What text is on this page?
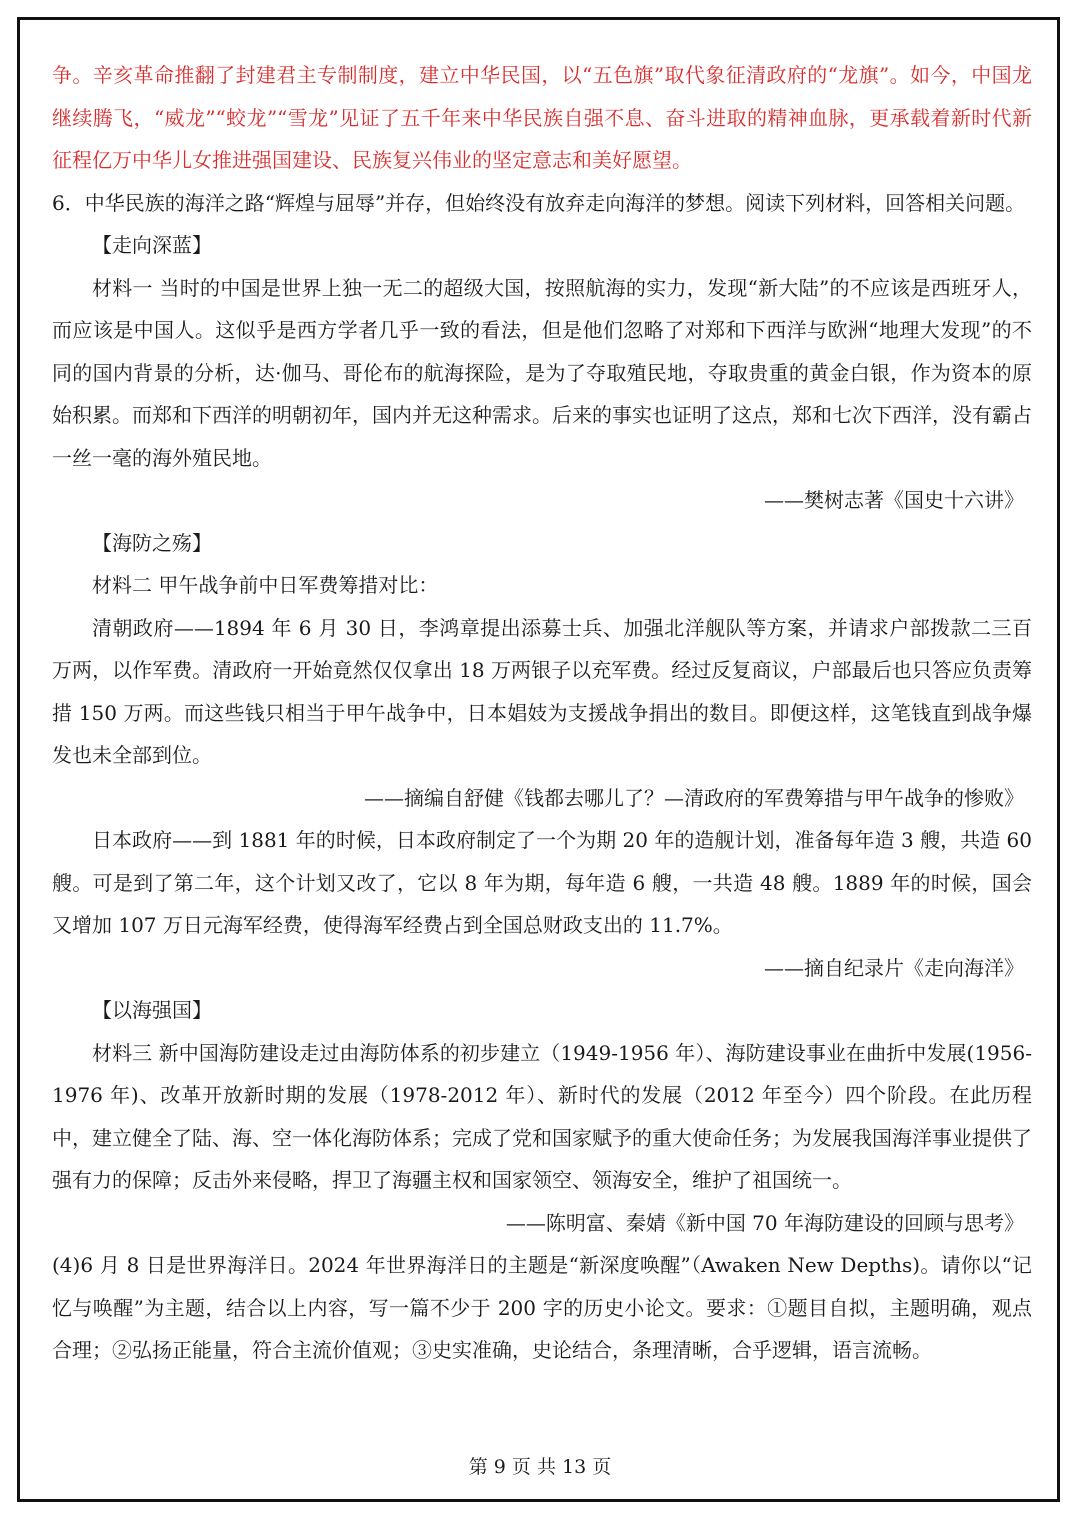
争。辛亥革命推翻了封建君主专制制度，建立中华民国，以“五色旗”取代象征清政府的“龙旗”。如今，中国龙继续腾飞，“威龙”“蛟龙”“雪龙”见证了五千年来中华民族自强不息、奋斗进取的精神血脉，更承载着新时代新征程亿万中华儿女推进强国建设、民族复兴伟业的坚定意志和美好愿望。

6．中华民族的海洋之路“辉煌与屈辱”并存，但始终没有放弃走向海洋的梦想。阅读下列材料，回答相关问题。

【走向深蓝】

材料一 当时的中国是世界上独一无二的超级大国，按照航海的实力，发现“新大陆”的不应该是西班牙人，而应该是中国人。这似乎是西方学者几乎一致的看法，但是他们忽略了对郑和下西洋与欧洲“地理大发现”的不同的国内背景的分析，达·伽马、哥伦布的航海探险，是为了夺取殖民地，夺取贵重的黄金白银，作为资本的原始积累。而郑和下西洋的明朝初年，国内并无这种需求。后来的事实也证明了这点，郑和七次下西洋，没有霸占一丝一毫的海外殖民地。

——樊树志著《国史十六讲》

【海防之殇】

材料二 甲午战争前中日军费筹措对比：

清朝政府——1894 年 6 月 30 日，李鸿章提出添募士兵、加强北洋舰队等方案，并请求户部拨款二三百万两，以作军费。清政府一开始竟然仅仅拿出 18 万两银子以充军费。经过反复商议，户部最后也只答应负责筹措 150 万两。而这些钱只相当于甲午战争中，日本娼妓为支援战争捐出的数目。即便这样，这笔钱直到战争爆发也未全部到位。

——摘编自舒健《钱都去哪儿了？—清政府的军费筹措与甲午战争的惨败》

日本政府——到 1881 年的时候，日本政府制定了一个为期 20 年的造舰计划，准备每年造 3 艘，共造 60 艘。可是到了第二年，这个计划又改了，它以 8 年为期，每年造 6 艘，一共造 48 艘。1889 年的时候，国会又增加 107 万日元海军经费，使得海军经费占到全国总财政支出的 11.7%。

——摘自纪录片《走向海洋》

【以海强国】

材料三 新中国海防建设走过由海防体系的初步建立（1949-1956 年）、海防建设事业在曲折中发展(1956-1976 年)、改革开放新时期的发展（1978-2012 年）、新时代的发展（2012 年至今）四个阶段。在此历程中，建立健全了陆、海、空一体化海防体系；完成了党和国家赋予的重大使命任务；为发展我国海洋事业提供了强有力的保障；反击外来侵略，捍卫了海疆主权和国家领空、领海安全，维护了祖国统一。

——陈明富、秦婧《新中国 70 年海防建设的回顾与思考》

(4)6 月 8 日是世界海洋日。2024 年世界海洋日的主题是“新深度唤醒”（Awaken New Depths)。请你以“记忆与唤醒”为主题，结合以上内容，写一篇不少于 200 字的历史小论文。要求：①题目自拟，主题明确，观点合理；②弘扬正能量，符合主流价值观；③史实准确，史论结合，条理清晰，合乎逻辑，语言流畅。

第 9 页 共 13 页
